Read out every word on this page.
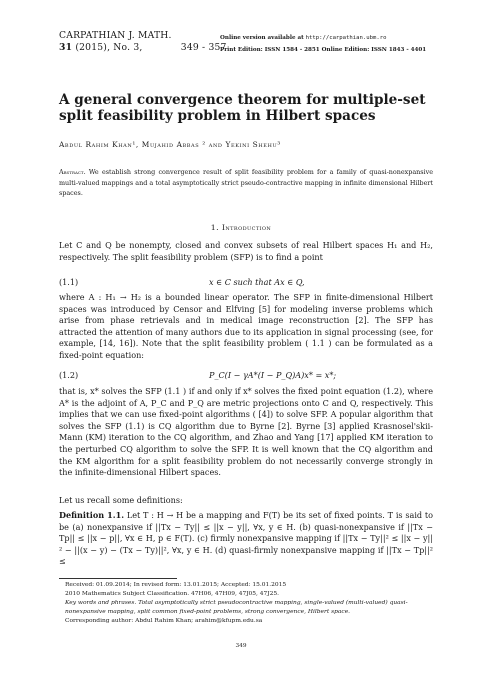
CARPATHIAN J. MATH.
31 (2015), No. 3,	349 - 357
Online version available at http://carpathian.ubm.ro
Print Edition: ISSN 1584 - 2851 Online Edition: ISSN 1843 - 4401
A general convergence theorem for multiple-set split feasibility problem in Hilbert spaces
Abdul Rahim Khan¹, Mujahid Abbas ² and Yekini Shehu³
Abstract. We establish strong convergence result of split feasibility problem for a family of quasi-nonexpansive multi-valued mappings and a total asymptotically strict pseudo-contractive mapping in infinite dimensional Hilbert spaces.
1. Introduction
Let C and Q be nonempty, closed and convex subsets of real Hilbert spaces H₁ and H₂, respectively. The split feasibility problem (SFP) is to find a point
(1.1)	x ∈ C such that Ax ∈ Q,
where A : H₁ → H₂ is a bounded linear operator. The SFP in finite-dimensional Hilbert spaces was introduced by Censor and Elfving [5] for modeling inverse problems which arise from phase retrievals and in medical image reconstruction [2]. The SFP has attracted the attention of many authors due to its application in signal processing (see, for example, [14, 16]). Note that the split feasibility problem ( 1.1 ) can be formulated as a fixed-point equation:
(1.2)	P_C(I − γA*(I − P_Q)A)x* = x*;
that is, x* solves the SFP (1.1 ) if and only if x* solves the fixed point equation (1.2), where A* is the adjoint of A, P_C and P_Q are metric projections onto C and Q, respectively. This implies that we can use fixed-point algorithms ( [4]) to solve SFP. A popular algorithm that solves the SFP (1.1) is CQ algorithm due to Byrne [2]. Byrne [3] applied Krasnosel'skii-Mann (KM) iteration to the CQ algorithm, and Zhao and Yang [17] applied KM iteration to the perturbed CQ algorithm to solve the SFP. It is well known that the CQ algorithm and the KM algorithm for a split feasibility problem do not necessarily converge strongly in the infinite-dimensional Hilbert spaces.
Let us recall some definitions:
Definition 1.1. Let T : H → H be a mapping and F(T) be its set of fixed points. T is said to be (a) nonexpansive if ||Tx − Ty|| ≤ ||x − y||, ∀x, y ∈ H. (b) quasi-nonexpansive if ||Tx − Tp|| ≤ ||x − p||, ∀x ∈ H, p ∈ F(T). (c) firmly nonexpansive mapping if ||Tx − Ty||² ≤ ||x − y||² − ||(x − y) − (Tx − Ty)||², ∀x, y ∈ H. (d) quasi-firmly nonexpansive mapping if ||Tx − Tp||² ≤
Received: 01.09.2014; In revised form: 13.01.2015; Accepted: 15.01.2015
2010 Mathematics Subject Classification. 47H06, 47H09, 47J05, 47J25.
Key words and phrases. Total asymptotically strict pseudocontractive mapping, single-valued (multi-valued) quasi-nonexpansive mapping, split common fixed-point problems, strong convergence, Hilbert space.
Corresponding author: Abdul Rahim Khan; arahim@kfupm.edu.sa
349
